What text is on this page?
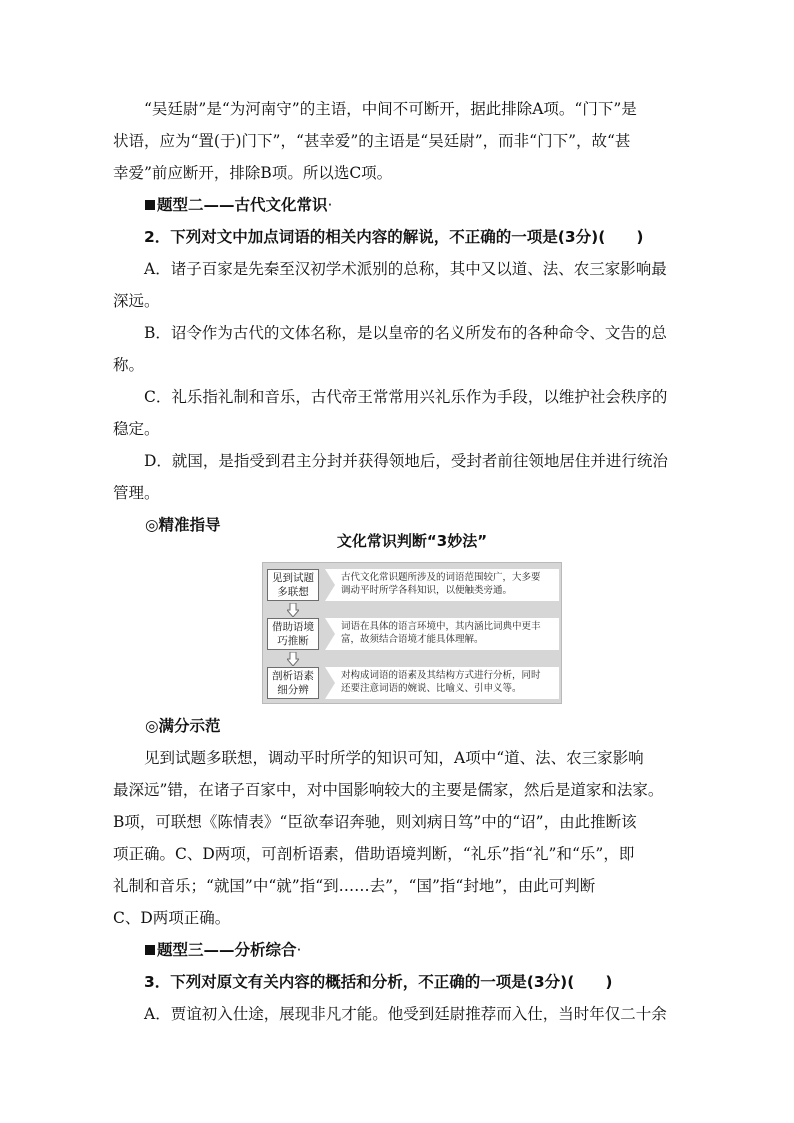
“吴廷尉”是“为河南守”的主语，中间不可断开，据此排除A项。“门下”是

状语，应为“置(于)门下”，“甚幸爱”的主语是“吴廷尉”，而非“门下”，故“甚

幸爱”前应断开，排除B项。所以选C项。

题型二——古代文化常识·

2．下列对文中加点词语的相关内容的解说，不正确的一项是(3分)(　　)

A．诸子百家是先秦至汉初学术派别的总称，其中又以道、法、农三家影响最

深远。

B．诏令作为古代的文体名称，是以皇帝的名义所发布的各种命令、文告的总

称。

C．礼乐指礼制和音乐，古代帝王常常用兴礼乐作为手段，以维护社会秩序的

稳定。

D．就国，是指受到君主分封并获得领地后，受封者前往领地居住并进行统治

管理。

◎精准指导
文化常识判断“3妙法”
见到试题
多联想
古代文化常识题所涉及的词语范围较广，大多要
调动平时所学各科知识，以便触类旁通。
借助语境
巧推断
词语在具体的语言环境中，其内涵比词典中更丰
富，故须结合语境才能具体理解。
剖析语素
细分辨
对构成词语的语素及其结构方式进行分析，同时
还要注意词语的婉说、比喻义、引申义等。
◎满分示范

见到试题多联想，调动平时所学的知识可知，A项中“道、法、农三家影响

最深远”错，在诸子百家中，对中国影响较大的主要是儒家，然后是道家和法家。

B项，可联想《陈情表》“臣欲奉诏奔驰，则刘病日笃”中的“诏”，由此推断该

项正确。C、D两项，可剖析语素，借助语境判断，“礼乐”指“礼”和“乐”，即

礼制和音乐；“就国”中“就”指“到……去”，“国”指“封地”，由此可判断

C、D两项正确。

题型三——分析综合·

3．下列对原文有关内容的概括和分析，不正确的一项是(3分)(　　)

A．贾谊初入仕途，展现非凡才能。他受到廷尉推荐而入仕，当时年仅二十余
